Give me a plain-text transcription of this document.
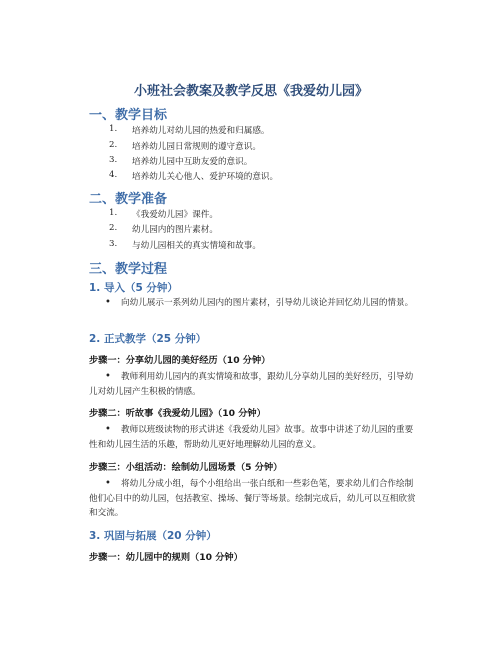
小班社会教案及教学反思《我爱幼儿园》
一、教学目标
1. 培养幼儿对幼儿园的热爱和归属感。
2. 培养幼儿园日常规则的遵守意识。
3. 培养幼儿园中互助友爱的意识。
4. 培养幼儿关心他人、爱护环境的意识。
二、教学准备
1. 《我爱幼儿园》课件。
2. 幼儿园内的图片素材。
3. 与幼儿园相关的真实情境和故事。
三、教学过程
1. 导入（5 分钟）
• 向幼儿展示一系列幼儿园内的图片素材，引导幼儿谈论并回忆幼儿园的情景。
2. 正式教学（25 分钟）
步骤一：分享幼儿园的美好经历（10 分钟）
• 教师利用幼儿园内的真实情境和故事，跟幼儿分享幼儿园的美好经历，引导幼儿对幼儿园产生积极的情感。
步骤二：听故事《我爱幼儿园》（10 分钟）
• 教师以班级读物的形式讲述《我爱幼儿园》故事。故事中讲述了幼儿园的重要性和幼儿园生活的乐趣，帮助幼儿更好地理解幼儿园的意义。
步骤三：小组活动：绘制幼儿园场景（5 分钟）
• 将幼儿分成小组，每个小组给出一张白纸和一些彩色笔，要求幼儿们合作绘制他们心目中的幼儿园，包括教室、操场、餐厅等场景。绘制完成后，幼儿可以互相欣赏和交流。
3. 巩固与拓展（20 分钟）
步骤一：幼儿园中的规则（10 分钟）
